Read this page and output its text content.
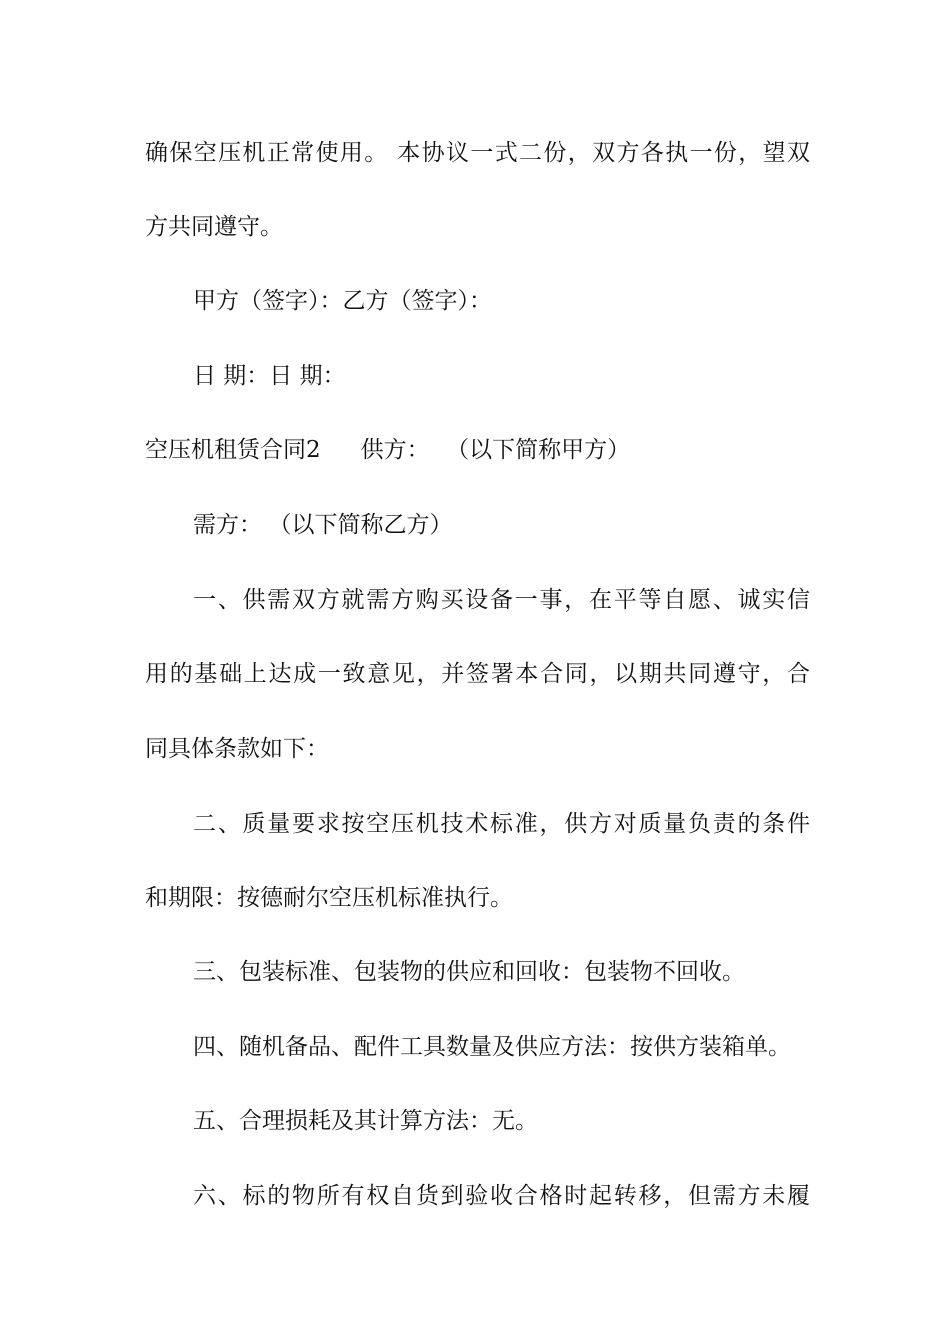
确保空压机正常使用。 本协议一式二份，双方各执一份，望双
方共同遵守。
甲方（签字）：乙方（签字）：
日 期：日 期：
空压机租赁合同2 供方： （以下简称甲方）
需方： （以下简称乙方）
一、供需双方就需方购买设备一事，在平等自愿、诚实信
用的基础上达成一致意见，并签署本合同，以期共同遵守，合
同具体条款如下：
二、质量要求按空压机技术标准，供方对质量负责的条件
和期限：按德耐尔空压机标准执行。
三、包装标准、包装物的供应和回收：包装物不回收。
四、随机备品、配件工具数量及供应方法：按供方装箱单。
五、合理损耗及其计算方法：无。
六、标的物所有权自货到验收合格时起转移，但需方未履
